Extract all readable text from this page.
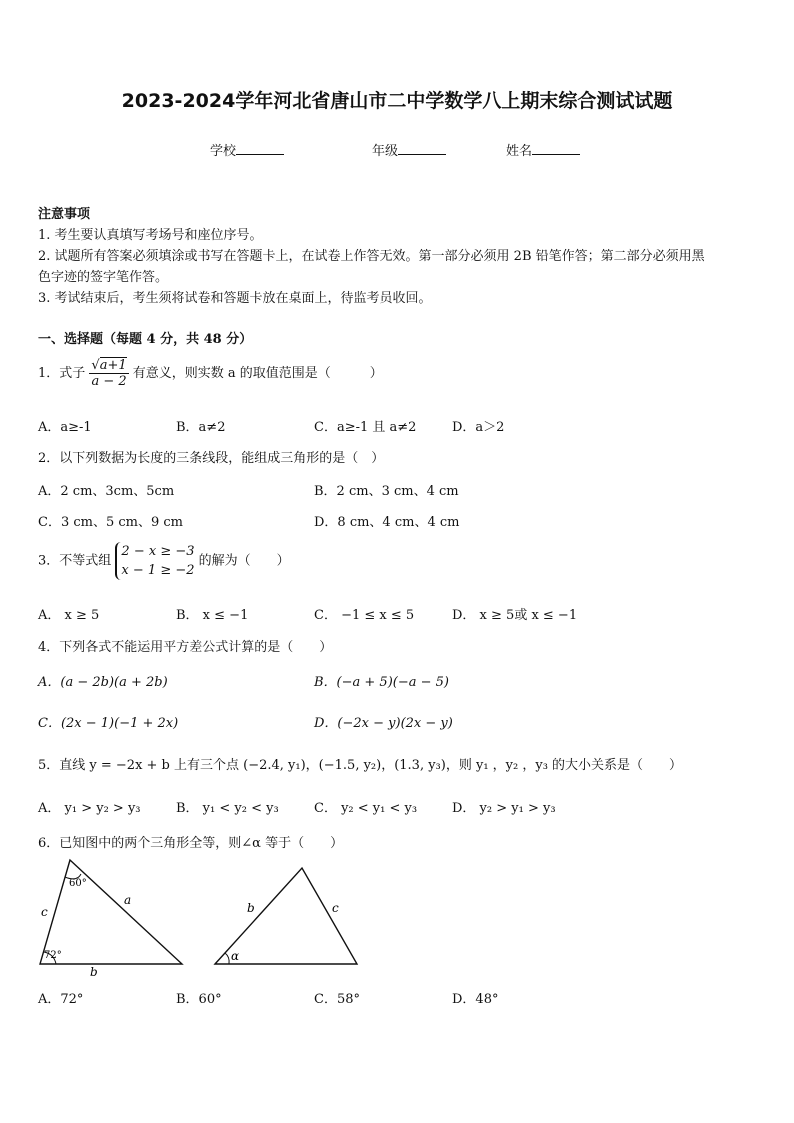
2023-2024学年河北省唐山市二中学数学八上期末综合测试试题
学校	年级	姓名
注意事项
1. 考生要认真填写考场号和座位序号。
2. 试题所有答案必须填涂或书写在答题卡上，在试卷上作答无效。第一部分必须用 2B 铅笔作答；第二部分必须用黑
色字迹的签字笔作答。
3. 考试结束后，考生须将试卷和答题卡放在桌面上，待监考员收回。
一、选择题（每题 4 分，共 48 分）
1．式子 $\frac{√a+1}{a - 2}$ 有意义，则实数 a 的取值范围是（　　　）
A．a≥-1	B．a≠2	C．a≥-1 且 a≠2	D．a＞2
2．以下列数据为长度的三条线段，能组成三角形的是（　）
A．2 cm、3cm、5cm	B．2 cm、3 cm、4 cm
C．3 cm、5 cm、9 cm	D．8 cm、4 cm、4 cm
3．不等式组
2 − x ≥ −3
x − 1 ≥ −2
的解为（　　）
A． x ≥ 5	B． x ≤ −1	C． −1 ≤ x ≤ 5	D． x ≥ 5或 x ≤ −1
4．下列各式不能运用平方差公式计算的是（　　）
A．(a − 2b)(a + 2b)	B．(−a + 5)(−a − 5)
C．(2x − 1)(−1 + 2x)	D．(−2x − y)(2x − y)
5．直线 y = −2x + b 上有三个点 (−2.4, y₁)，(−1.5, y₂)，(1.3, y₃)，则 y₁ ，y₂ ，y₃ 的大小关系是（　　）
A． y₁ > y₂ > y₃	B． y₁ < y₂ < y₃	C． y₂ < y₁ < y₃	D． y₂ > y₁ > y₃
6．已知图中的两个三角形全等，则∠α 等于（　　）
60°
72°
a
c
b
b	c
α
A．72°	B．60°	C．58°	D．48°
